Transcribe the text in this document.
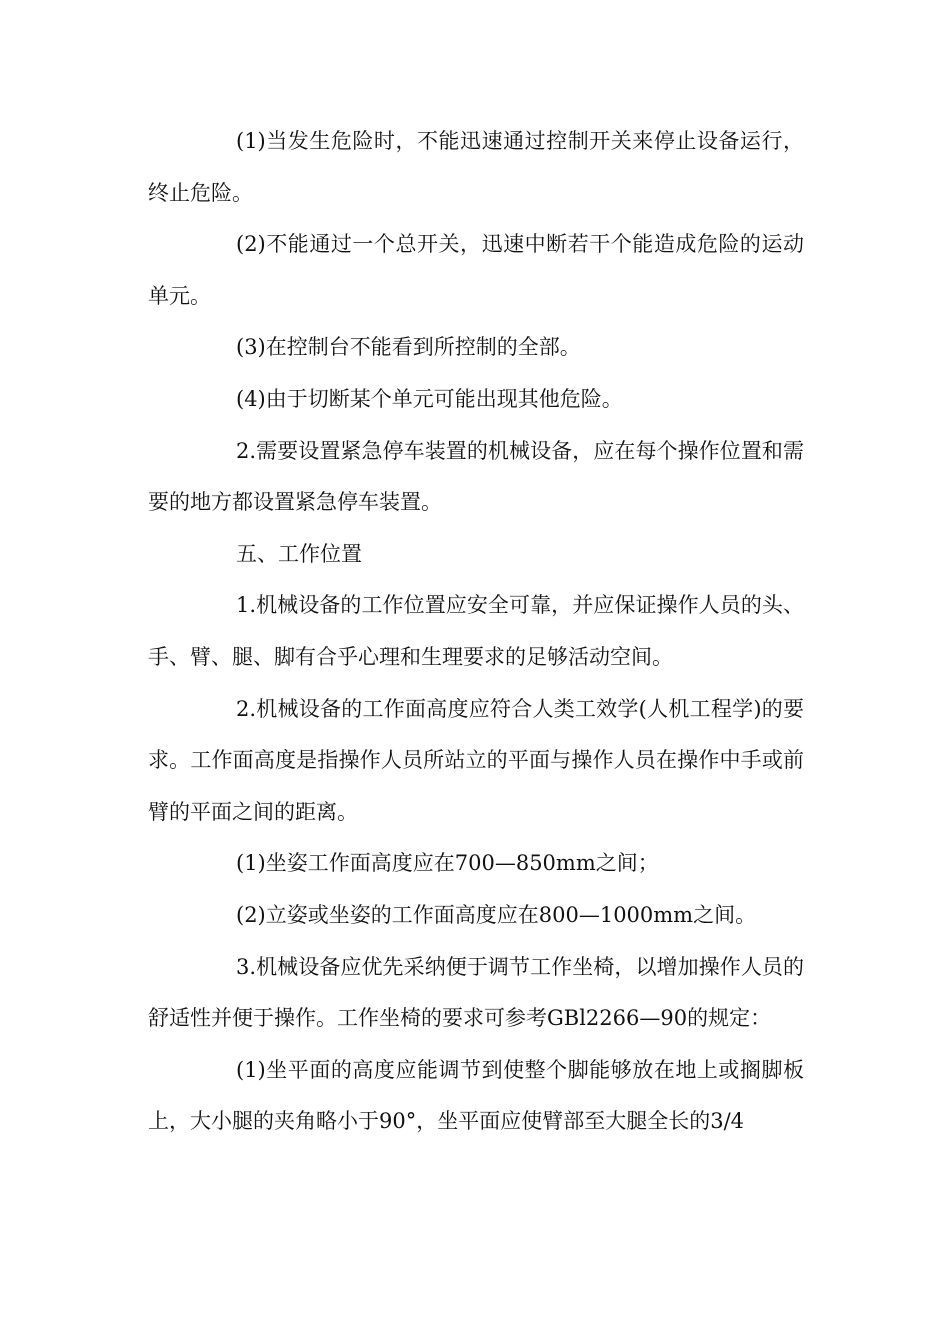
(1)当发生危险时，不能迅速通过控制开关来停止设备运行，终止危险。

(2)不能通过一个总开关，迅速中断若干个能造成危险的运动单元。

(3)在控制台不能看到所控制的全部。

(4)由于切断某个单元可能出现其他危险。

2.需要设置紧急停车装置的机械设备，应在每个操作位置和需要的地方都设置紧急停车装置。

五、工作位置

1.机械设备的工作位置应安全可靠，并应保证操作人员的头、手、臂、腿、脚有合乎心理和生理要求的足够活动空间。

2.机械设备的工作面高度应符合人类工效学(人机工程学)的要求。工作面高度是指操作人员所站立的平面与操作人员在操作中手或前臂的平面之间的距离。

(1)坐姿工作面高度应在700—850mm之间；

(2)立姿或坐姿的工作面高度应在800—1000mm之间。

3.机械设备应优先采纳便于调节工作坐椅，以增加操作人员的舒适性并便于操作。工作坐椅的要求可参考GBl2266—90的规定：

(1)坐平面的高度应能调节到使整个脚能够放在地上或搁脚板上，大小腿的夹角略小于90°，坐平面应使臂部至大腿全长的3/4
